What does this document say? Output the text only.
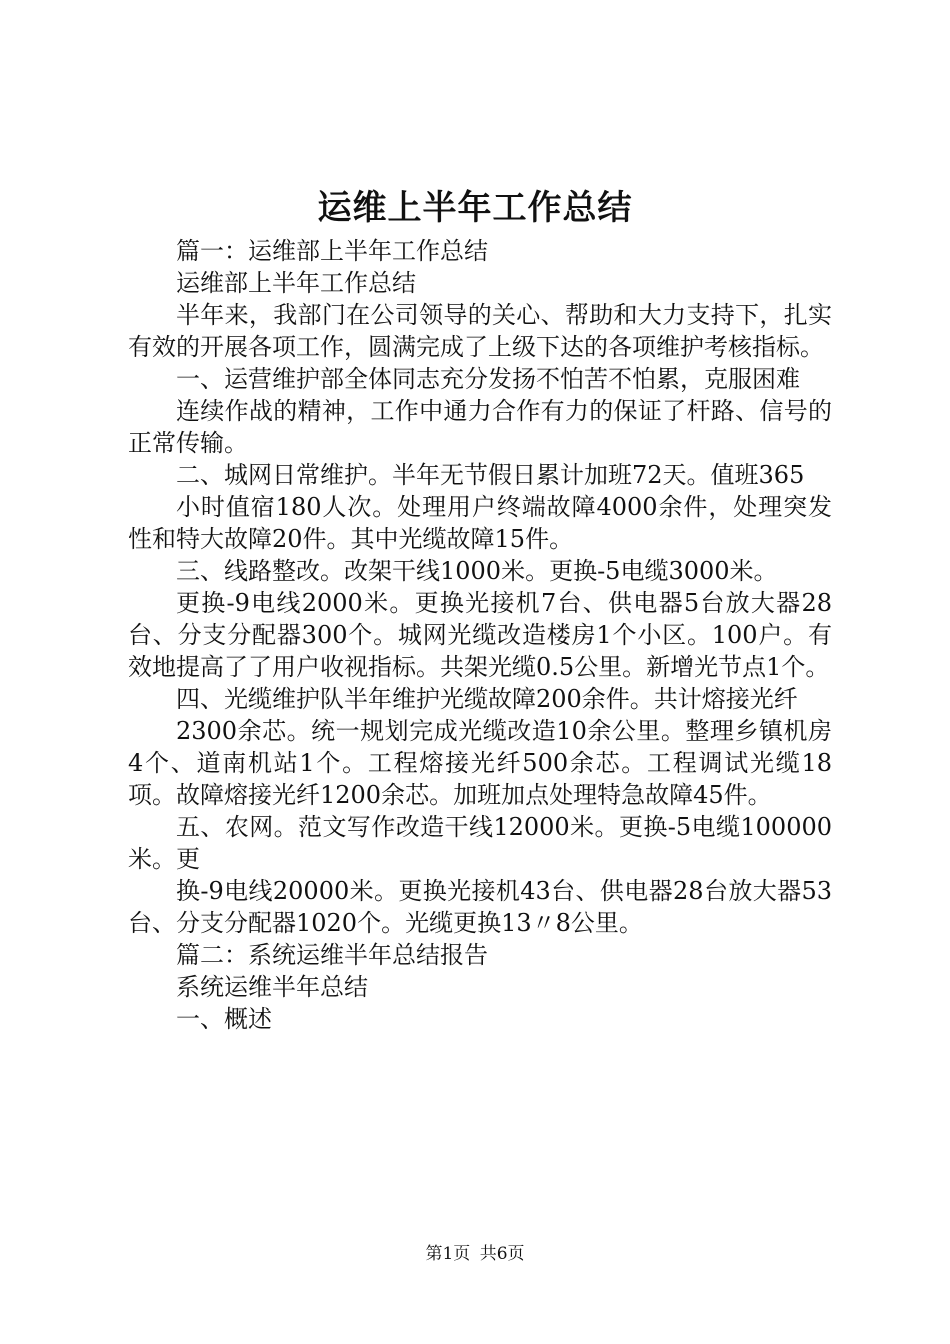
运维上半年工作总结

篇一：运维部上半年工作总结

运维部上半年工作总结

半年来，我部门在公司领导的关心、帮助和大力支持下，扎实有效的开展各项工作，圆满完成了上级下达的各项维护考核指标。

一、运营维护部全体同志充分发扬不怕苦不怕累，克服困难

连续作战的精神，工作中通力合作有力的保证了杆路、信号的正常传输。

二、城网日常维护。半年无节假日累计加班72天。值班365

小时值宿180人次。处理用户终端故障4000余件，处理突发性和特大故障20件。其中光缆故障15件。

三、线路整改。改架干线1000米。更换-5电缆3000米。

更换-9电线2000米。更换光接机7台、供电器5台放大器28台、分支分配器300个。城网光缆改造楼房1个小区。100户。有效地提高了了用户收视指标。共架光缆0.5公里。新增光节点1个。

四、光缆维护队半年维护光缆故障200余件。共计熔接光纤

2300余芯。统一规划完成光缆改造10余公里。整理乡镇机房4个、道南机站1个。工程熔接光纤500余芯。工程调试光缆18项。故障熔接光纤1200余芯。加班加点处理特急故障45件。

五、农网。范文写作改造干线12000米。更换-5电缆100000米。更

换-9电线20000米。更换光接机43台、供电器28台放大器53台、分支分配器1020个。光缆更换13〃8公里。

篇二：系统运维半年总结报告

系统运维半年总结

一、概述

第1页 共6页
